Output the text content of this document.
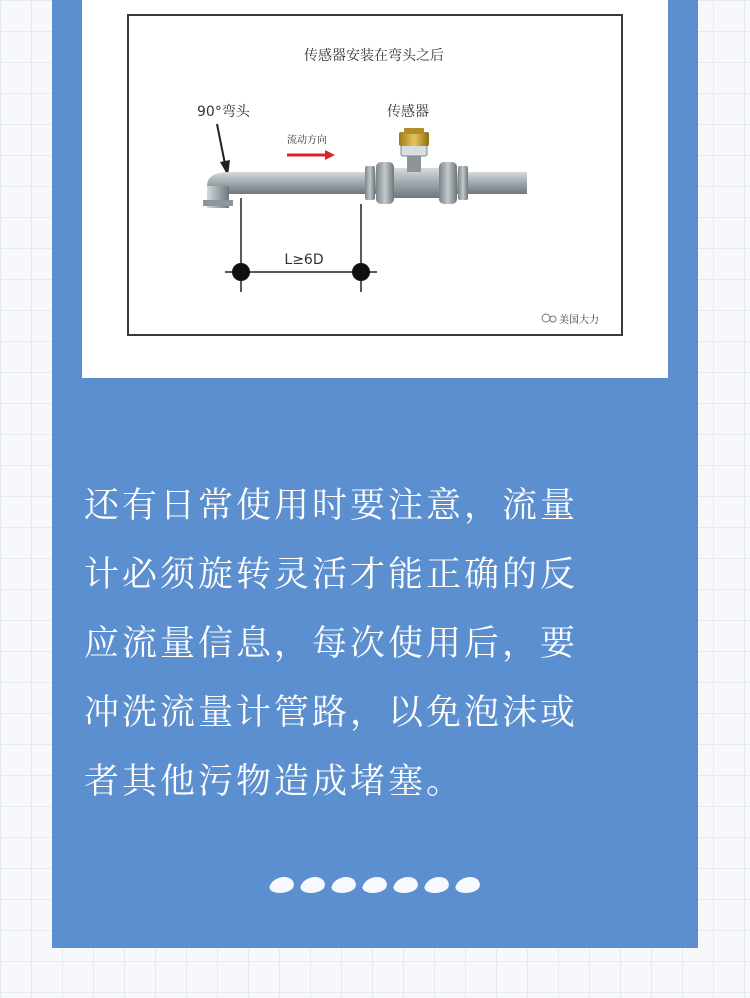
传感器安装在弯头之后
90°弯头	传感器
流动方向
L≥6D
美国大力
还有日常使用时要注意，流量
计必须旋转灵活才能正确的反
应流量信息，每次使用后，要
冲洗流量计管路，以免泡沫或
者其他污物造成堵塞。
